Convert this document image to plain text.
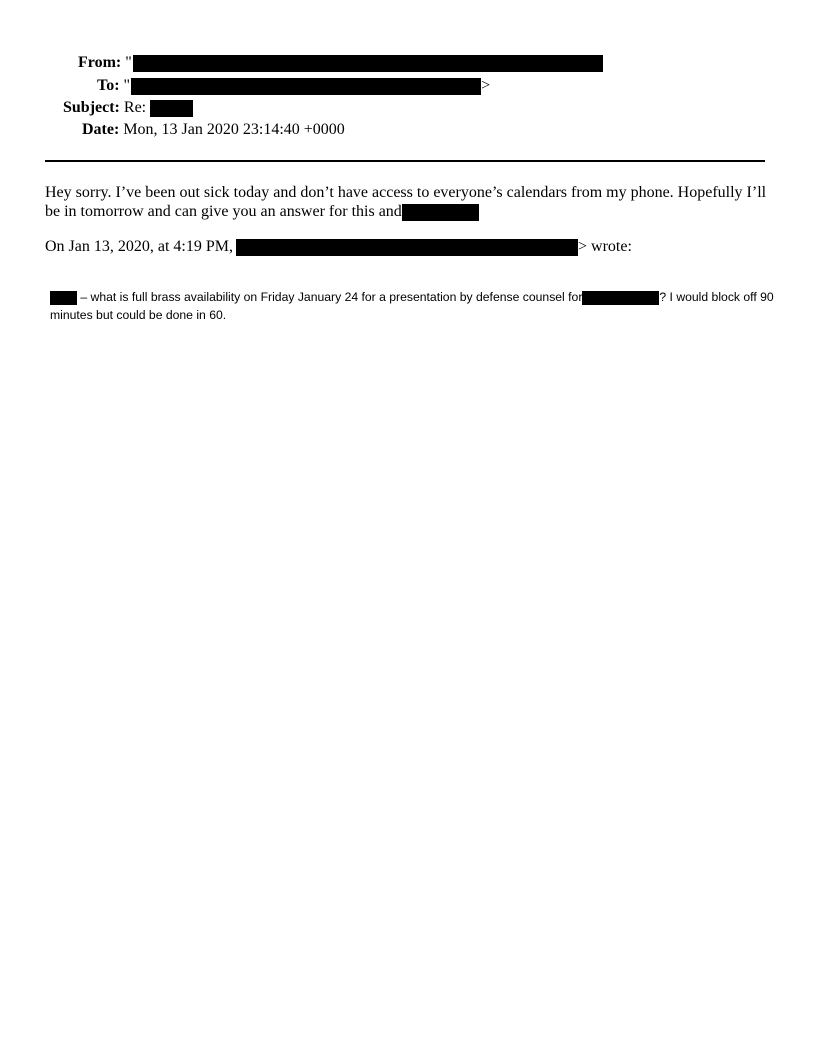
From: "
To: "	>
Subject: Re:
Date: Mon, 13 Jan 2020 23:14:40 +0000
Hey sorry. I’ve been out sick today and don’t have access to everyone’s calendars from my phone. Hopefully I’ll be in tomorrow and can give you an answer for this and
On Jan 13, 2020, at 4:19 PM,	> wrote:
– what is full brass availability on Friday January 24 for a presentation by defense counsel for	? I would block off 90 minutes but could be done in 60.
